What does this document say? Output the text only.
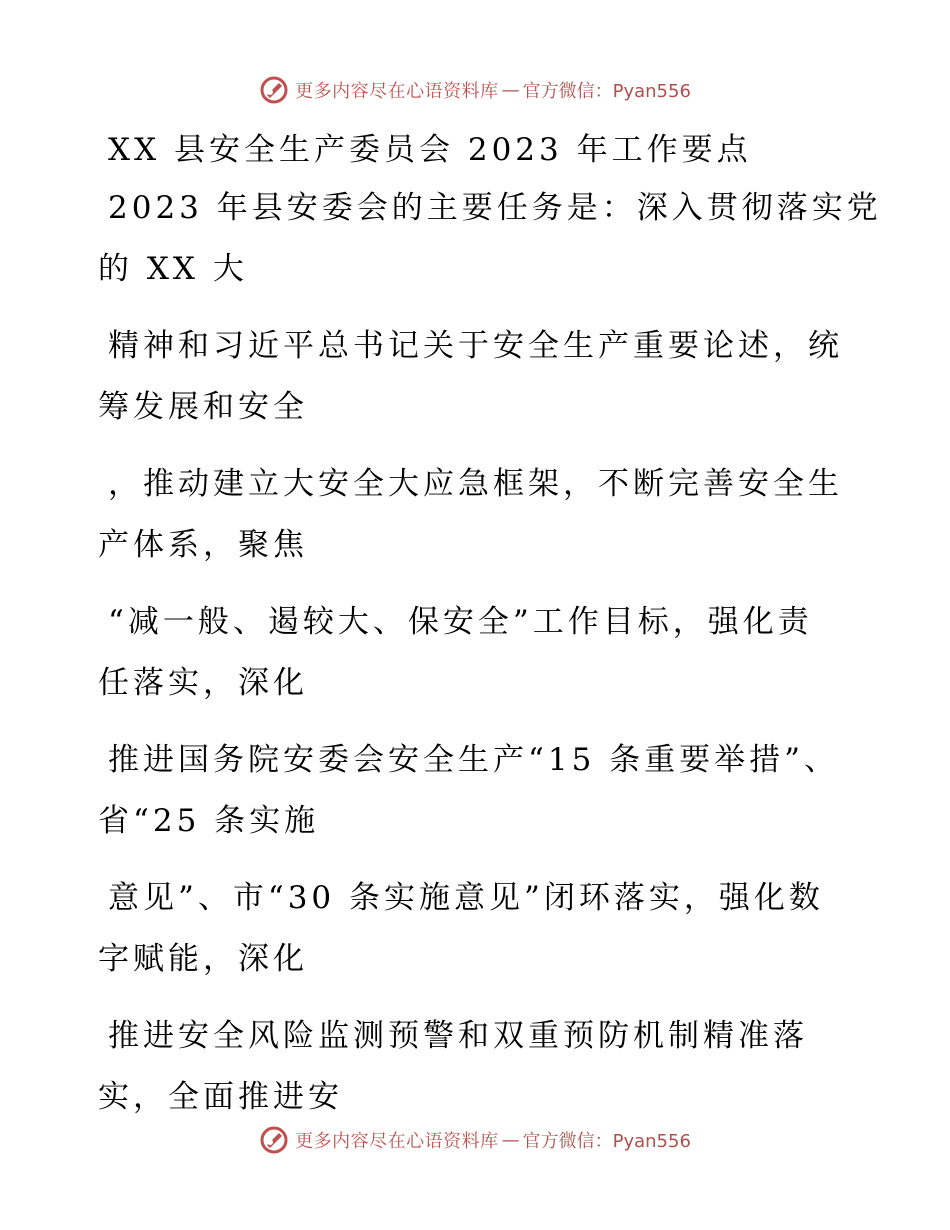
更多内容尽在心语资料库 — 官方微信：Pyan556
XX 县安全生产委员会 2023 年工作要点
2023 年县安委会的主要任务是：深入贯彻落实党
的 XX 大
精神和习近平总书记关于安全生产重要论述，统
筹发展和安全
，推动建立大安全大应急框架，不断完善安全生
产体系，聚焦
“减一般、遏较大、保安全”工作目标，强化责
任落实，深化
推进国务院安委会安全生产“15 条重要举措”、
省“25 条实施
意见”、市“30 条实施意见”闭环落实，强化数
字赋能，深化
推进安全风险监测预警和双重预防机制精准落
实，全面推进安
更多内容尽在心语资料库 — 官方微信：Pyan556
